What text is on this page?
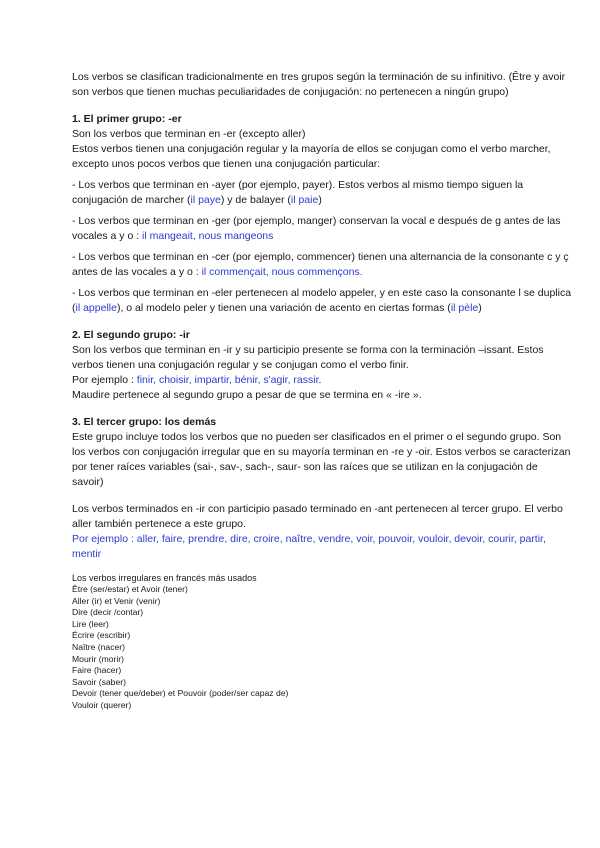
Los verbos se clasifican tradicionalmente en tres grupos según la terminación de su infinitivo. (Être y avoir son verbos que tienen muchas peculiaridades de conjugación: no pertenecen a ningún grupo)

1. El primer grupo: -er

Son los verbos que terminan en -er (excepto aller)

Estos verbos tienen una conjugación regular y la mayoría de ellos se conjugan como el verbo marcher, excepto unos pocos verbos que tienen una conjugación particular:

- Los verbos que terminan en -ayer (por ejemplo, payer). Estos verbos al mismo tiempo siguen la conjugación de marcher (il paye) y de balayer (il paie)

- Los verbos que terminan en -ger (por ejemplo, manger) conservan la vocal e después de g antes de las vocales a y o : il mangeait, nous mangeons

- Los verbos que terminan en -cer (por ejemplo, commencer) tienen una alternancia de la consonante c y ç antes de las vocales a y o : il commençait, nous commençons.

- Los verbos que terminan en -eler pertenecen al modelo appeler, y en este caso la consonante l se duplica (il appelle), o al modelo peler y tienen una variación de acento en ciertas formas (il pèle)

2. El segundo grupo: -ir

Son los verbos que terminan en -ir y su participio presente se forma con la terminación –issant. Estos verbos tienen una conjugación regular y se conjugan como el verbo finir.

Por ejemplo : finir, choisir, impartir, bénir, s'agir, rassir.

Maudire pertenece al segundo grupo a pesar de que se termina en « -ire ».

3. El tercer grupo: los demás

Este grupo incluye todos los verbos que no pueden ser clasificados en el primer o el segundo grupo. Son los verbos con conjugación irregular que en su mayoría terminan en -re y -oir. Estos verbos se caracterizan por tener raíces variables (sai-, sav-, sach-, saur- son las raíces que se utilizan en la conjugación de savoir)

Los verbos terminados en -ir con participio pasado terminado en -ant pertenecen al tercer grupo. El verbo aller también pertenece a este grupo.

Por ejemplo : aller, faire, prendre, dire, croire, naître, vendre, voir, pouvoir, vouloir, devoir, courir, partir, mentir

Los verbos irregulares en francés más usados

Être (ser/estar) et Avoir (tener)

Aller (ir) et Venir (venir)

Dire (decir /contar)

Lire (leer)

Écrire (escribir)

Naître (nacer)

Mourir (morir)

Faire (hacer)

Savoir (saber)

Devoir (tener que/deber) et Pouvoir (poder/ser capaz de)

Vouloir (querer)
